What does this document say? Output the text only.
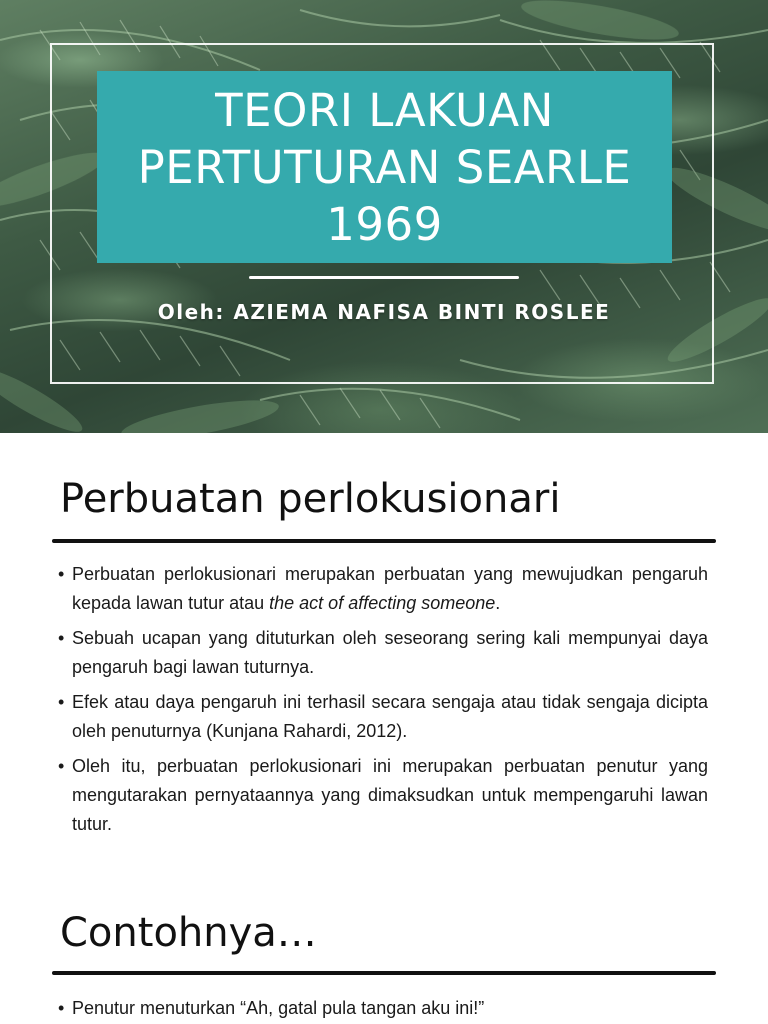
TEORI LAKUAN
PERTUTURAN SEARLE
1969
Oleh: AZIEMA NAFISA BINTI ROSLEE
Perbuatan perlokusionari
• Perbuatan perlokusionari merupakan perbuatan yang mewujudkan pengaruh kepada lawan tutur atau the act of affecting someone.
• Sebuah ucapan yang dituturkan oleh seseorang sering kali mempunyai daya pengaruh bagi lawan tuturnya.
• Efek atau daya pengaruh ini terhasil secara sengaja atau tidak sengaja dicipta oleh penuturnya (Kunjana Rahardi, 2012).
• Oleh itu, perbuatan perlokusionari ini merupakan perbuatan penutur yang mengutarakan pernyataannya yang dimaksudkan untuk mempengaruhi lawan tutur.
Contohnya…
• Penutur menuturkan “Ah, gatal pula tangan aku ini!”
